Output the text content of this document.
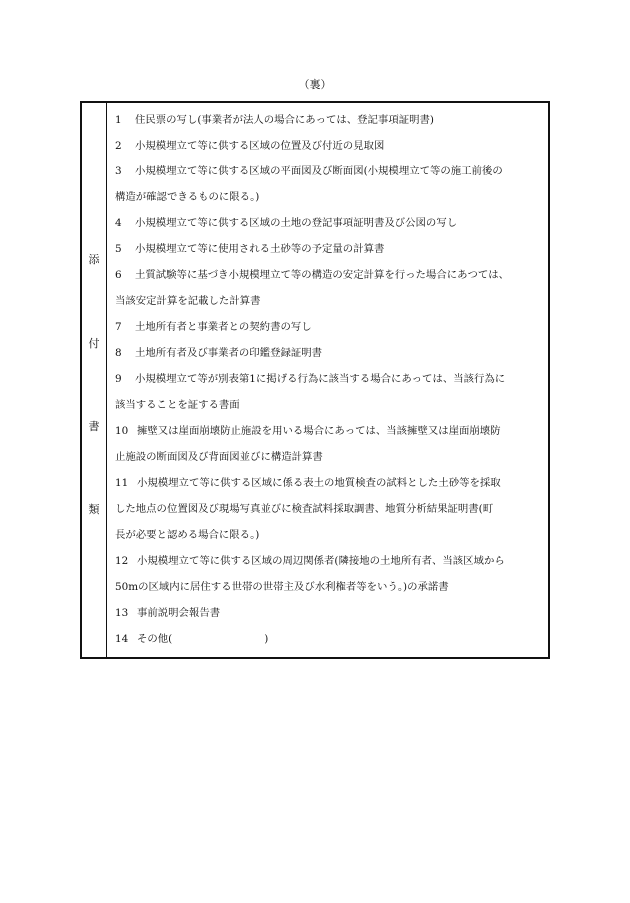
（裏）
添
付
書
類
1 住民票の写し(事業者が法人の場合にあっては、登記事項証明書)
2 小規模埋立て等に供する区域の位置及び付近の見取図
3 小規模埋立て等に供する区域の平面図及び断面図(小規模埋立て等の施工前後の
構造が確認できるものに限る。)
4 小規模埋立て等に供する区域の土地の登記事項証明書及び公図の写し
5 小規模埋立て等に使用される土砂等の予定量の計算書
6 土質試験等に基づき小規模埋立て等の構造の安定計算を行った場合にあつては、
当該安定計算を記載した計算書
7 土地所有者と事業者との契約書の写し
8 土地所有者及び事業者の印鑑登録証明書
9 小規模埋立て等が別表第1に掲げる行為に該当する場合にあっては、当該行為に
該当することを証する書面
10 擁壁又は崖面崩壊防止施設を用いる場合にあっては、当該擁壁又は崖面崩壊防
止施設の断面図及び背面図並びに構造計算書
11 小規模埋立て等に供する区域に係る表土の地質検査の試料とした土砂等を採取
した地点の位置図及び現場写真並びに検査試料採取調書、地質分析結果証明書(町
長が必要と認める場合に限る。)
12 小規模埋立て等に供する区域の周辺関係者(隣接地の土地所有者、当該区域から
50mの区域内に居住する世帯の世帯主及び水利権者等をいう。)の承諾書
13 事前説明会報告書
14 その他(	)
